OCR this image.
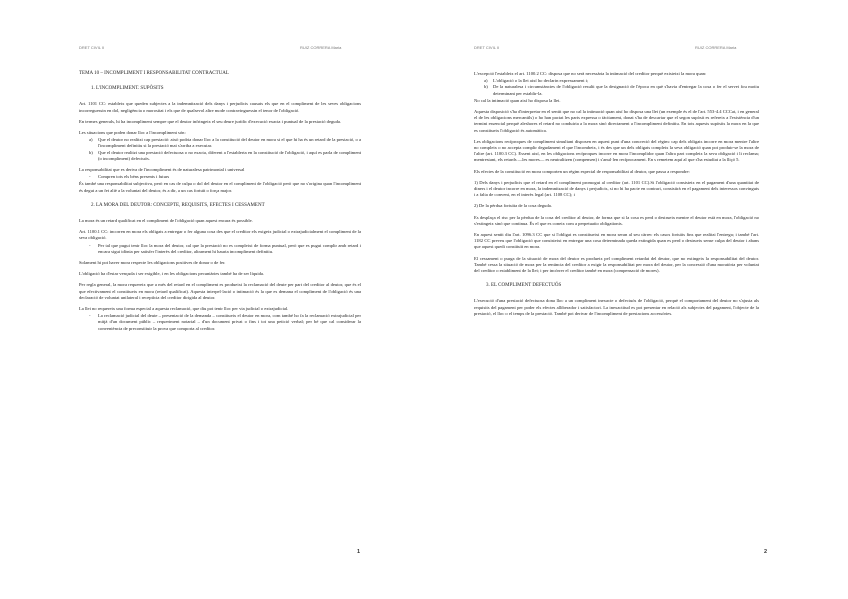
DRET CIVIL II	RUIZ CORRERA Maria

TEMA 10 – INCOMPLIMENT I RESPONSABILITAT CONTRACTUAL

1. L'INCOMPLIMENT. SUPÒSITS

Art. 1101 CC: estableix que queden subjectes a la indemnització dels danys i perjudicis causats els que en el compliment de les seves obligacions incorreguessin en dol, negligència o morositat i els que de qualsevol altre mode contravinguessin el tenor de l'obligació.

En termes generals, hi ha incompliment sempre que el deutor infringeix el seu deure jurídic d'execució exacta i puntual de la prestació deguda.

Les situacions que poden donar lloc a l'incompliment són:

a) Que el deutor no realitzi cap prestació: això podria donar lloc a la constitució del deutor en mora si el que hi ha és un retard de la prestació, o a l'incompliment definitiu si la prestació mai s'arriba a executar.
b) Que el deutor realitzi una prestació defectuosa o no exacta, diferent a l'establerta en la constitució de l'obligació, i aquí es parla de compliment (o incompliment) defectuós.

La responsabilitat que es deriva de l'incompliment és de naturalesa patrimonial i universal

- Compren tots els béns presents i futurs

És també una responsabilitat subjectiva, però en cas de culpa o dol del deutor en el compliment de l'obligació però que no s'origina quan l'incompliment és degut a un fet aliè a la voluntat del deutor, és a dir, a un cas fortuït o força major.

2. LA MORA DEL DEUTOR: CONCEPTE, REQUISITS, EFECTES I CESSAMENT

La mora és un retard qualificat en el compliment de l'obligació quan aquest encara és possible.

Art. 1100.1 CC: incorren en mora els obligats a entregar o fer alguna cosa des que el creditor els exigeix judicial o extrajudicialment el compliment de la seva obligació.

- Per tal que pugui tenir lloc la mora del deutor, cal que la prestació no es compleixi de forma puntual, però que es pugui complir amb retard i encara sigui idònia per satisfer l'interès del creditor, altrament hi hauria incompliment definitiu.

Solament hi pot haver mora respecte les obligacions positives de donar o de fer.

L'obligació ha d'estar vençuda i ser exigible, i en les obligacions pecuniàries també ha de ser líquida.

Per regla general, la mora requereix que a més del retard en el compliment es produeixi la reclamació del deute per part del creditor al deutor, que és el que efectivament el constitueix en mora (retard qualificat). Aquesta interpel·lació o intimació és la que es demana el compliment de l'obligació és una declaració de voluntat unilateral i receptícia del creditor dirigida al deutor.

La llei no requereix una forma especial a aquesta reclamació, que diu pot tenir lloc per via judicial o extrajudicial.

- La reclamació judicial del deute – presentació de la demanda – constitueix el deutor en mora, com també ho fa la reclamació extrajudicial per mitjà d'un document públic – requeriment notarial – d'un document privat o fins i tot una petició verbal; per bé que cal considerar la conveniència de preconstituir la prova que comporta al creditor.
1
DRET CIVIL II	RUIZ CORRERA Maria

L'excepció l'estableix el art. 1100.2 CC: disposa que no serà necessària la intimació del creditor perquè existeixi la mora quan:

a) L'obligació o la llei així ho declarin expressament i;
b) De la naturalesa i circumstàncies de l'obligació resulti que la designació de l'època en què s'havia d'entregar la cosa o fer el servei fou motiu determinant per establir-la.

No cal la intimació quan així ho disposa la llei.

Aquesta disposició s'ha d'interpretar en el sentit que no cal la intimació quan així ho disposa una llei (un exemple és el de l'art. 553-4.4 CCCat, i en general el de les obligacions mercantils) o ho han pactat les parts expressa o tàcitament, donat s'ha de descartar que el segon supòsit es refereix a l'existència d'un termini essencial perquè aleshores el retard no conduiria a la mora sinó directament a l'incompliment definitiu. En tots aquests supòsits la mora en la que es constitueix l'obligació és automàtica.

Les obligacions recíproques de compliment simultani disposen en aquest punt d'una concreció del règim: cap dels obligats incorre en mora mentre l'altre no compleix o no accepta complir degudament el que l'incombeix, i és des que un dels obligats compleix la seva obligació quan pot produir-se la mora de l'altre (art. 1100.3 CC). Essent així, en les obligacions recíproques incorre en mora l'incomplidor quan l'altra part compleix la seva obligació i li reclama; mentrestant, els retards —les mores— es neutralitzen (compensen) i s'anul·len recíprocament. En s remetem aquí al que s'ha estudiat a la lliçó 5.

Els efectes de la constitució en mora comporten un règim especial de responsabilitat al deutor, que passa a respondre:

1) Dels danys i perjudicis que el retard en el compliment promogui al creditor (art. 1101 CC).Si l'obligació consisteix en el pagament d'una quantitat de diners i el deutor incorre en mora, la indemnització de danys i perjudicis, si no hi ha pacte en contrari, consistirà en el pagament dels interessos convinguts i a falta de conveni, en el interès legal (art. 1108 CC); i

2) De la pèrdua fortuïta de la cosa deguda.

Es desplaça el risc per la pèrdua de la cosa del creditor al deutor, de forma que si la cosa es perd o destrueix mentre el deutor està en mora, l'obligació no s'extingeix sinó que continua. És el que es coneix com a perpetuatio obligationis.

En aquest sentit diu l'art. 1096.3 CC que si l'obligat es constitueixi en mora seran al seu càrrec els casos fortuïts fins que realitzi l'entrega; i també l'art. 1182 CC preveu que l'obligació que consisteixi en entregar una cosa determinada queda extingida quan es perd o destrueix sense culpa del deutor i abans que aquest quedi constituït en mora.

El cessament o purga de la situació de mora del deutor es produeix pel compliment retardat del deutor, que no extingeix la responsabilitat del deutor. També cessa la situació de mora per la renúncia del creditor a exigir la responsabilitat per mora del deutor, per la concessió d'una moratòria per voluntat del creditor o establiment de la llei; i per incórrer el creditor també en mora (compensació de mores).

3. EL COMPLIMENT DEFECTUÓS

L'execució d'una prestació defectuosa dona lloc a un compliment inexacte o defectuós de l'obligació, perquè el comportament del deutor no s'ajusta als requisits del pagament per poder els efectes alliberador i satisfactori. La inexactitud es pot presentar en relació als subjectes del pagament, l'objecte de la prestació, el lloc o el temps de la prestació. També pot derivar de l'incompliment de prestacions accessòries.

2
